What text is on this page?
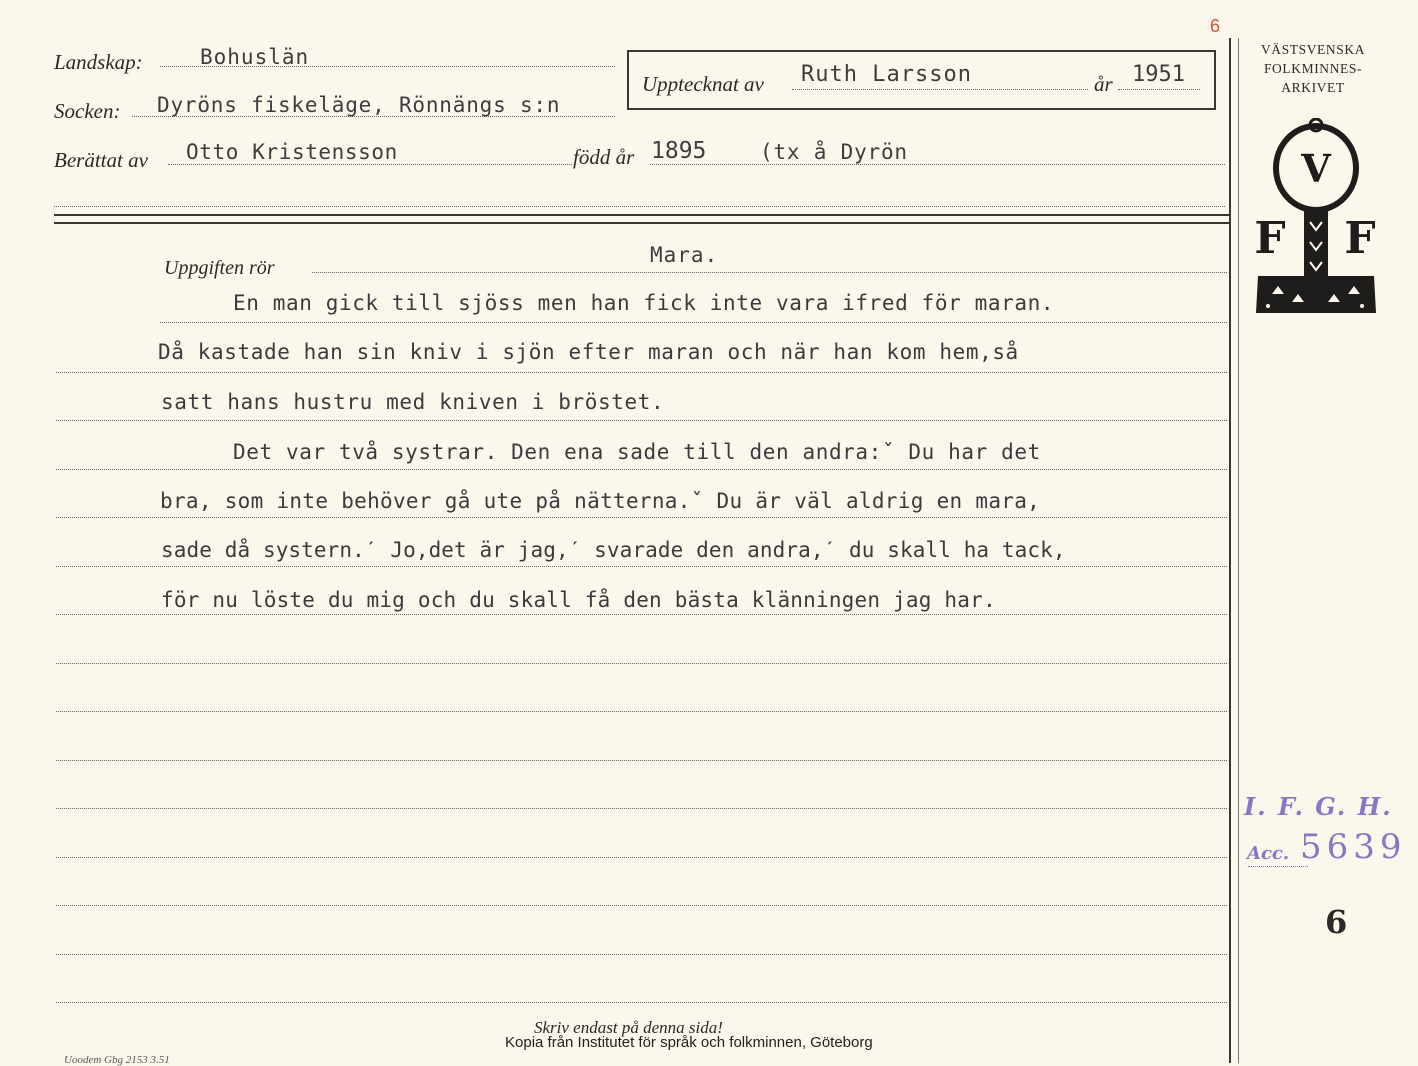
6
Landskap:	Bohuslän
Socken: Dyröns fiskeläge, Rönnängs s:n
Upptecknat av Ruth Larsson	år 1951
Berättat av Otto Kristensson	född år 1895	(tx å Dyrön
Uppgiften rör
Mara.
En man gick till sjöss men han fick inte vara ifred för maran.
Då kastade han sin kniv i sjön efter maran och när han kom hem,så
satt hans hustru med kniven i bröstet.
Det var två systrar. Den ena sade till den andra:ˇ Du har det
bra, som inte behöver gå ute på nätterna.ˇ Du är väl aldrig en mara,
sade då systern.ˊ Jo,det är jag,ˊ svarade den andra,ˊ du skall ha tack,
för nu löste du mig och du skall få den bästa klänningen jag har.
VÄSTSVENSKA
FOLKMINNES-
ARKIVET
V
F F
I. F. G. H.
Acc. 5639
6
Skriv endast på denna sida!
Kopia från Institutet för språk och folkminnen, Göteborg
Uoodem Gbg 2153 3.51
